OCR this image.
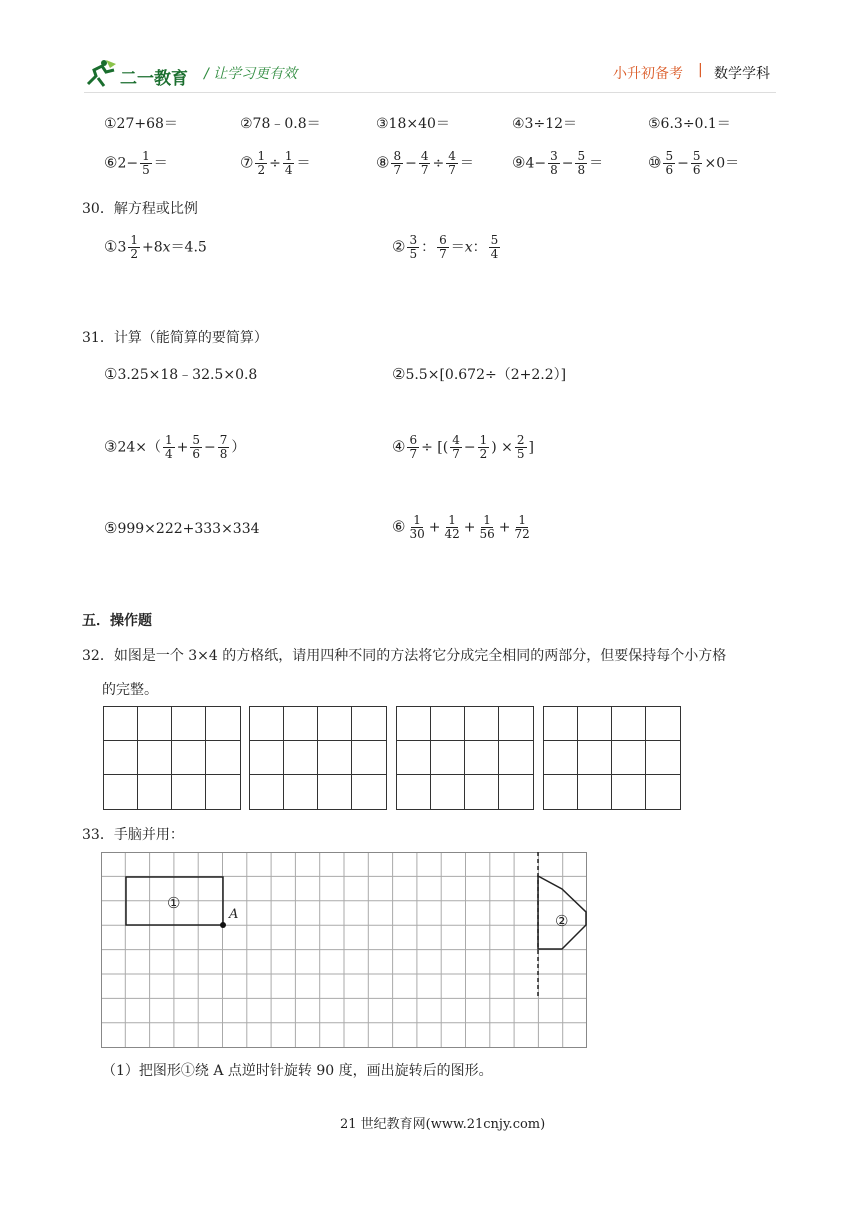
二一教育 / 让学习更有效	小升初备考 | 数学学科
①27+68＝	②78﹣0.8＝	③18×40＝	④3÷12＝	⑤6.3÷0.1＝
⑥2− $\frac{1}{5}$ ＝	⑦ $\frac{1}{2} \div \frac{1}{4}$ ＝	⑧ $\frac{8}{7} - \frac{4}{7} \div \frac{4}{7}$ ＝	⑨4− $\frac{3}{8} - \frac{5}{8}$ ＝	⑩ $\frac{5}{6} - \frac{5}{6} \times 0=$
30．解方程或比例
①3 $\frac{1}{2} +8x=4.5$	② $\frac{3}{5}$ ： $\frac{6}{7} =x$： $\frac{5}{4}$
31．计算（能简算的要简算）
①3.25×18﹣32.5×0.8	②5.5×[0.672÷（2+2.2）]
③24×（ $\frac{1}{4} + \frac{5}{6} - \frac{7}{8}$ ）	④ $\frac{6}{7}$ ÷ [( $\frac{4}{7} - \frac{1}{2}$ ) × $\frac{2}{5}$ ]
⑤999×222+333×334	⑥ $\frac{1}{30} + \frac{1}{42} + \frac{1}{56} + \frac{1}{72}$
五．操作题
32．如图是一个 3×4 的方格纸，请用四种不同的方法将它分成完全相同的两部分，但要保持每个小方格
的完整。
33．手脑并用：
①
A	②
（1）把图形①绕 A 点逆时针旋转 90 度，画出旋转后的图形。
21 世纪教育网(www.21cnjy.com)
